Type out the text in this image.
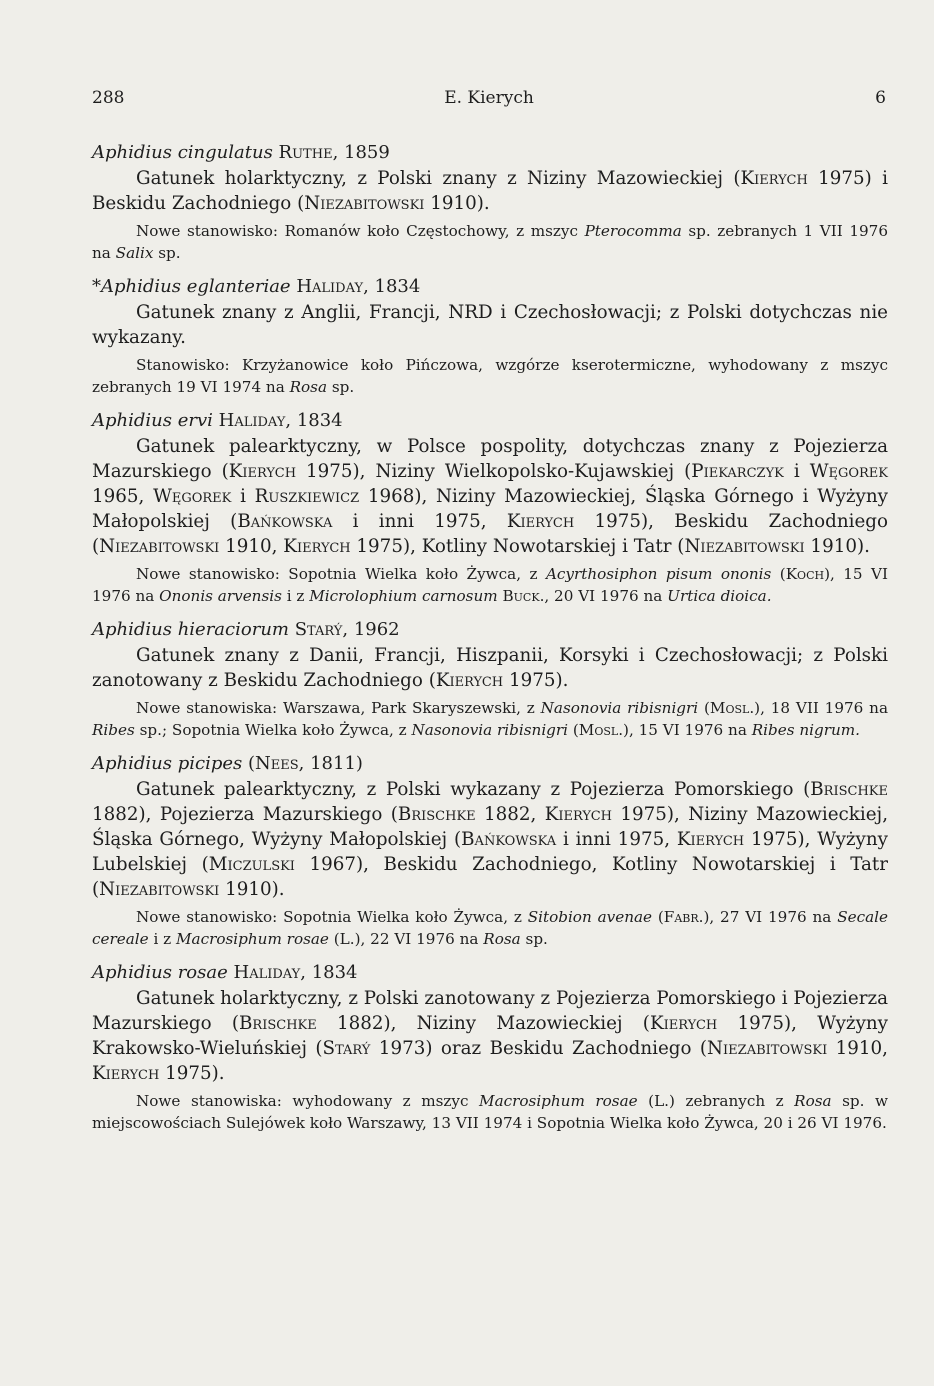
288	E. Kierych	6
Aphidius cingulatus Ruthe, 1859
Gatunek holarktyczny, z Polski znany z Niziny Mazowieckiej (Kierych 1975) i Beskidu Zachodniego (Niezabitowski 1910).
Nowe stanowisko: Romanów koło Częstochowy, z mszyc Pterocomma sp. zebranych 1 VII 1976 na Salix sp.
*Aphidius eglanteriae Haliday, 1834
Gatunek znany z Anglii, Francji, NRD i Czechosłowacji; z Polski dotychczas nie wykazany.
Stanowisko: Krzyżanowice koło Pińczowa, wzgórze kserotermiczne, wyhodowany z mszyc zebranych 19 VI 1974 na Rosa sp.
Aphidius ervi Haliday, 1834
Gatunek palearktyczny, w Polsce pospolity, dotychczas znany z Pojezierza Mazurskiego (Kierych 1975), Niziny Wielkopolsko-Kujawskiej (Piekarczyk i Węgorek 1965, Węgorek i Ruszkiewicz 1968), Niziny Mazowieckiej, Śląska Górnego i Wyżyny Małopolskiej (Bańkowska i inni 1975, Kierych 1975), Beskidu Zachodniego (Niezabitowski 1910, Kierych 1975), Kotliny Nowotarskiej i Tatr (Niezabitowski 1910).
Nowe stanowisko: Sopotnia Wielka koło Żywca, z Acyrthosiphon pisum ononis (Koch), 15 VI 1976 na Ononis arvensis i z Microlophium carnosum Buck., 20 VI 1976 na Urtica dioica.
Aphidius hieraciorum Starý, 1962
Gatunek znany z Danii, Francji, Hiszpanii, Korsyki i Czechosłowacji; z Polski zanotowany z Beskidu Zachodniego (Kierych 1975).
Nowe stanowiska: Warszawa, Park Skaryszewski, z Nasonovia ribisnigri (Mosl.), 18 VII 1976 na Ribes sp.; Sopotnia Wielka koło Żywca, z Nasonovia ribisnigri (Mosl.), 15 VI 1976 na Ribes nigrum.
Aphidius picipes (Nees, 1811)
Gatunek palearktyczny, z Polski wykazany z Pojezierza Pomorskiego (Brischke 1882), Pojezierza Mazurskiego (Brischke 1882, Kierych 1975), Niziny Mazowieckiej, Śląska Górnego, Wyżyny Małopolskiej (Bańkowska i inni 1975, Kierych 1975), Wyżyny Lubelskiej (Miczulski 1967), Beskidu Zachodniego, Kotliny Nowotarskiej i Tatr (Niezabitowski 1910).
Nowe stanowisko: Sopotnia Wielka koło Żywca, z Sitobion avenae (Fabr.), 27 VI 1976 na Secale cereale i z Macrosiphum rosae (L.), 22 VI 1976 na Rosa sp.
Aphidius rosae Haliday, 1834
Gatunek holarktyczny, z Polski zanotowany z Pojezierza Pomorskiego i Pojezierza Mazurskiego (Brischke 1882), Niziny Mazowieckiej (Kierych 1975), Wyżyny Krakowsko-Wieluńskiej (Starý 1973) oraz Beskidu Zachodniego (Niezabitowski 1910, Kierych 1975).
Nowe stanowiska: wyhodowany z mszyc Macrosiphum rosae (L.) zebranych z Rosa sp. w miejscowościach Sulejówek koło Warszawy, 13 VII 1974 i Sopotnia Wielka koło Żywca, 20 i 26 VI 1976.
